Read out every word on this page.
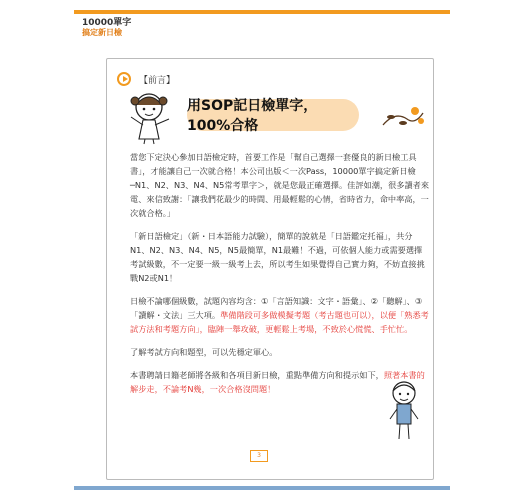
10000單字
搞定新日檢
【前言】
用SOP記日檢單字，100%合格

當您下定決心參加日語檢定時，首要工作是「幫自己選擇一套優良的新日檢工具書」，才能讓自己一次就合格！本公司出版＜一次Pass，10000單字搞定新日檢─N1、N2、N3、N4、N5常考單字＞，就是您最正確選擇。佳評如潮，很多讀者來電、來信致謝：「讓我們花最少的時間、用最輕鬆的心情，省時省力，命中率高，一次就合格。」

「新日語檢定」（新・日本語能力試驗），簡單的說就是「日語鑑定托福」，共分N1、N2、N3、N4、N5，N5最簡單，N1最難！不過，可依個人能力或需要選擇考試級數，不一定要一級一級考上去，所以考生如果覺得自己實力夠，不妨直接挑戰N2或N1！

日檢不論哪個級數，試題內容均含：①「言語知識：文字・語彙」、②「聽解」、③「讀解・文法」三大項。準備階段可多做模擬考題（考古題也可以），以便「熟悉考試方法和考題方向」，臨陣一舉攻破，更輕鬆上考場，不致於心慌慌、手忙忙。

了解考試方向和題型，可以先穩定軍心。

本書聘請日籍老師將各級和各項目新日檢，重點準備方向和提示如下，照著本書的解步走，不論考N幾，一次合格沒問題！

3
